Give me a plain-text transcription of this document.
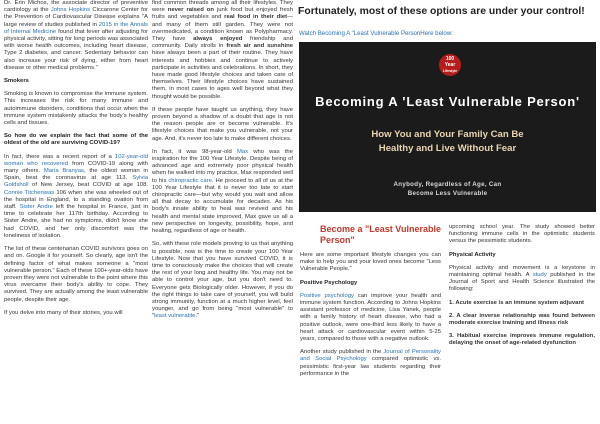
Dr. Erin Michos, the associate director of preventive cardiology at the Johns Hopkins Ciccarone Center for the Prevention of Cardiovascular Disease explains "A large review of studies published in 2015 in the Annals of Internal Medicine found that fever after adjusting for physical activity, sitting for long periods was associated with worse health outcomes, including heart disease, Type 2 diabetes, and cancer. Sedentary behavior can also increase your risk of dying, either from heart disease or other medical problems."

Smokers

Smoking is known to compromise the immune system. This increases the risk for many immune and autoimmune disorders, conditions that occur when the immune system mistakenly attacks the body's healthy cells and tissues.

So how do we explain the fact that some of the oldest of the old are surviving COVID-19?

In fact, there was a recent report of a 102-year-old woman who recovered from COVID-19 along with many others. Maria Branyas, the oldest woman in Spain, beat the coronavirus at age 113. Sylvia Goldsholl of New Jersey, beat COVID at age 108. Connie Titchenwas 106 when she was wheeled out of the hospital in England, to a standing ovation from staff. Sister Andre left the hospital in France, just in time to celebrate her 117th birthday. According to Sister Andre, she had no symptoms, didn't know she had COVID, and her only discomfort was the loneliness of isolation.

The list of these centenarian COVID survivors goes on and on. Google it for yourself. So clearly, age isn't the defining factor of what makes someone a "most vulnerable person." Each of these 100+-year-olds have proven they were not vulnerable to the point where this virus overcame their body's ability to cope. They survived. They are actually among the least vulnerable people, despite their age.

If you delve into many of their stories, you will

find common threads among all their lifestyles. They were never raised on junk food but enjoyed fresh fruits and vegetables and real food in their diet—and many of them still garden. They were not overmedicated, a condition known as Polypharmacy. They have always enjoyed friendship and community. Daily strolls in fresh air and sunshine have always been a part of their routine. They have interests and hobbies and continue to actively participate in activities and celebrations. In short, they have made good lifestyle choices and taken care of themselves. Their lifestyle choices have sustained them, in most cases to ages well beyond what they thought would be possible.

If these people have taught us anything, they have proven beyond a shadow of a doubt that age is not the reason people are or become vulnerable. It's lifestyle choices that make you vulnerable, not your age. And, it's never too late to make different choices.

In fact, it was 98-year-old Max who was the inspiration for the 100 Year Lifestyle. Despite being of advanced age and extremely poor physical health when he walked into my practice, Max responded well to his chiropractic care. He proceed to all of us at the 100 Year Lifestyle that it is never too late to start chiropractic care—but why would you wait and allow all that decay to accumulate for decades. As his body's innate ability to heal was revived and his health and mental state improved, Max gave us all a new perspective on longevity, possibility, hope, and healing, regardless of age or health.

So, with these role models proving to us that anything is possible, now is the time to create your 100 Year Lifestyle. Now that you have survived COVID, it is time to consciously make the choices that will create the rest of your long and healthy life. You may not be able to control your age, but you don't need to. Everyone gets Biologically older. However, if you do the right things to take care of yourself, you will build strong immunity, function at a much higher level, feel younger, and go from being "most vulnerable" to "least vulnerable."

Fortunately, most of these options are under your control!
Watch Becoming A "Least Vulnerable PersonHere below:
100
Year
Lifestyle
Becoming A 'Least Vulnerable Person'
How You and Your Family Can Be
Healthy and Live Without Fear
Anybody, Regardless of Age, Can
Become Less Vulnerable

Become a "Least Vulnerable Person"

Here are some important lifestyle changes you can make to help you and your loved ones become "Less Vulnerable People."

Positive Psychology

Positive psychology can improve your health and immune system function. According to Johns Hopkins assistant professor of medicine, Lisa Yanek, people with a family history of heart disease, who had a positive outlook, were one-third less likely to have a heart attack or cardiovascular event within 5-25 years, compared to those with a negative outlook.

Another study published in the Journal of Personality and Social Psychology compared optimistic vs. pessimistic first-year law students regarding their performance in the

upcoming school year. The study showed better functioning immune cells in the optimistic students versus the pessimistic students.

Physical Activity

Physical activity and movement is a keystone in maintaining optimal health. A study published in the Journal of Sport and Health Science illustrated the following:

1. Acute exercise is an immune system adjuvant

2. A clear inverse relationship was found between moderate exercise training and illness risk

3. Habitual exercise improves immune regulation, delaying the onset of age-related dysfunction
